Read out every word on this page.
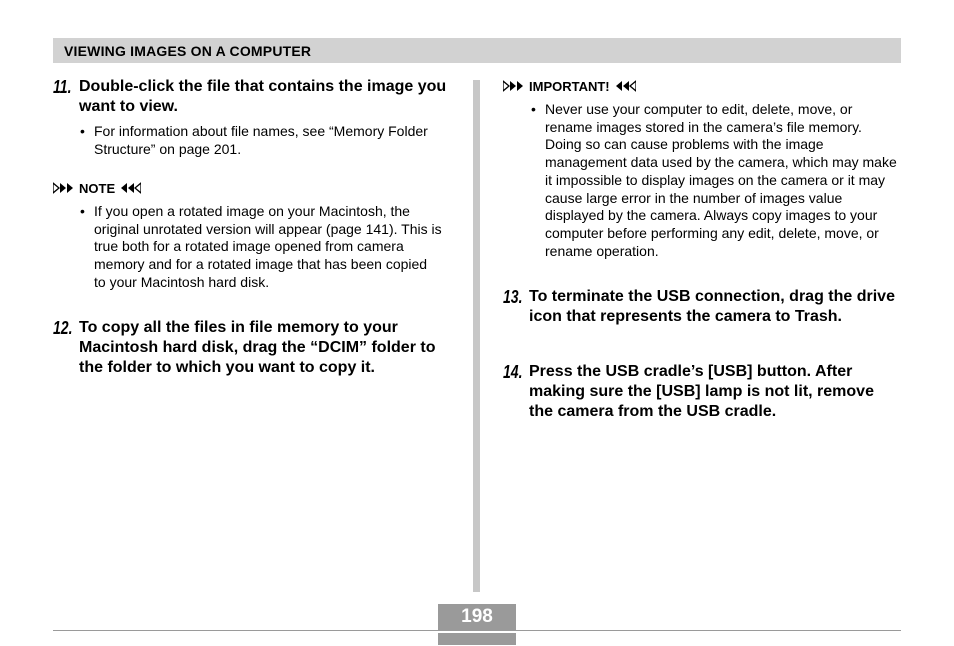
VIEWING IMAGES ON A COMPUTER
11. Double-click the file that contains the image you want to view.
• For information about file names, see “Memory Folder Structure” on page 201.
NOTE
• If you open a rotated image on your Macintosh, the original unrotated version will appear (page 141). This is true both for a rotated image opened from camera memory and for a rotated image that has been copied to your Macintosh hard disk.
12. To copy all the files in file memory to your Macintosh hard disk, drag the “DCIM” folder to the folder to which you want to copy it.
IMPORTANT!
• Never use your computer to edit, delete, move, or rename images stored in the camera’s file memory. Doing so can cause problems with the image management data used by the camera, which may make it impossible to display images on the camera or it may cause large error in the number of images value displayed by the camera. Always copy images to your computer before performing any edit, delete, move, or rename operation.
13. To terminate the USB connection, drag the drive icon that represents the camera to Trash.
14. Press the USB cradle’s [USB] button. After making sure the [USB] lamp is not lit, remove the camera from the USB cradle.
198
